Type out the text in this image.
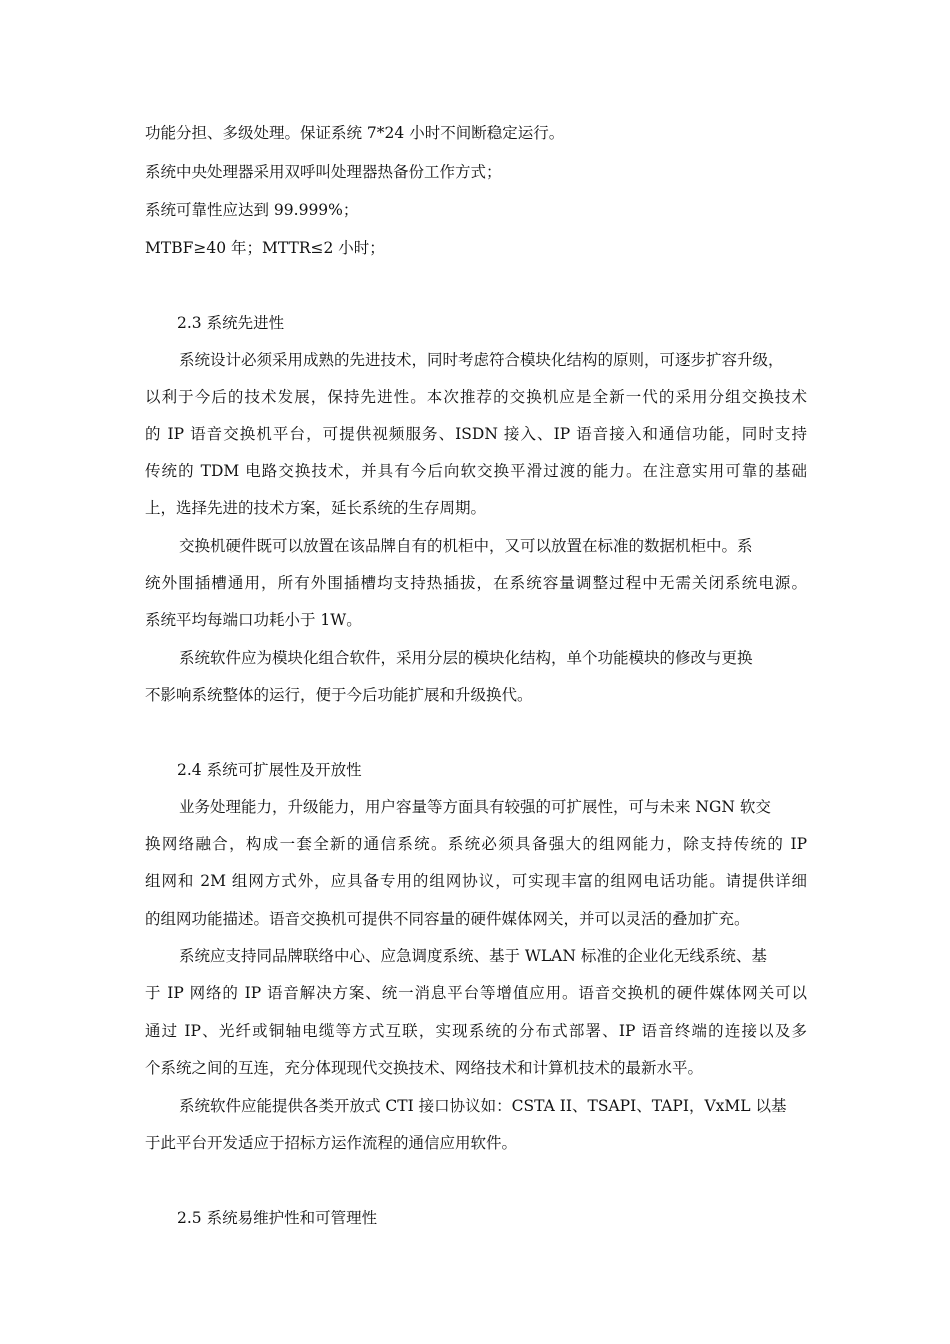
功能分担、多级处理。保证系统 7*24 小时不间断稳定运行。
系统中央处理器采用双呼叫处理器热备份工作方式；
系统可靠性应达到 99.999%；
MTBF≥40 年；MTTR≤2 小时；
2.3 系统先进性
系统设计必须采用成熟的先进技术，同时考虑符合模块化结构的原则，可逐步扩容升级，
以利于今后的技术发展，保持先进性。本次推荐的交换机应是全新一代的采用分组交换技术
的 IP 语音交换机平台，可提供视频服务、ISDN 接入、IP 语音接入和通信功能，同时支持
传统的 TDM 电路交换技术，并具有今后向软交换平滑过渡的能力。在注意实用可靠的基础
上，选择先进的技术方案，延长系统的生存周期。
交换机硬件既可以放置在该品牌自有的机柜中，又可以放置在标准的数据机柜中。系
统外围插槽通用，所有外围插槽均支持热插拔，在系统容量调整过程中无需关闭系统电源。
系统平均每端口功耗小于 1W。
系统软件应为模块化组合软件，采用分层的模块化结构，单个功能模块的修改与更换
不影响系统整体的运行，便于今后功能扩展和升级换代。
2.4 系统可扩展性及开放性
业务处理能力，升级能力，用户容量等方面具有较强的可扩展性，可与未来 NGN 软交
换网络融合，构成一套全新的通信系统。系统必须具备强大的组网能力，除支持传统的 IP
组网和 2M 组网方式外，应具备专用的组网协议，可实现丰富的组网电话功能。请提供详细
的组网功能描述。语音交换机可提供不同容量的硬件媒体网关，并可以灵活的叠加扩充。
系统应支持同品牌联络中心、应急调度系统、基于 WLAN 标准的企业化无线系统、基
于 IP 网络的 IP 语音解决方案、统一消息平台等增值应用。语音交换机的硬件媒体网关可以
通过 IP、光纤或铜轴电缆等方式互联，实现系统的分布式部署、IP 语音终端的连接以及多
个系统之间的互连，充分体现现代交换技术、网络技术和计算机技术的最新水平。
系统软件应能提供各类开放式 CTI 接口协议如：CSTA II、TSAPI、TAPI，VxML 以基
于此平台开发适应于招标方运作流程的通信应用软件。
2.5 系统易维护性和可管理性
